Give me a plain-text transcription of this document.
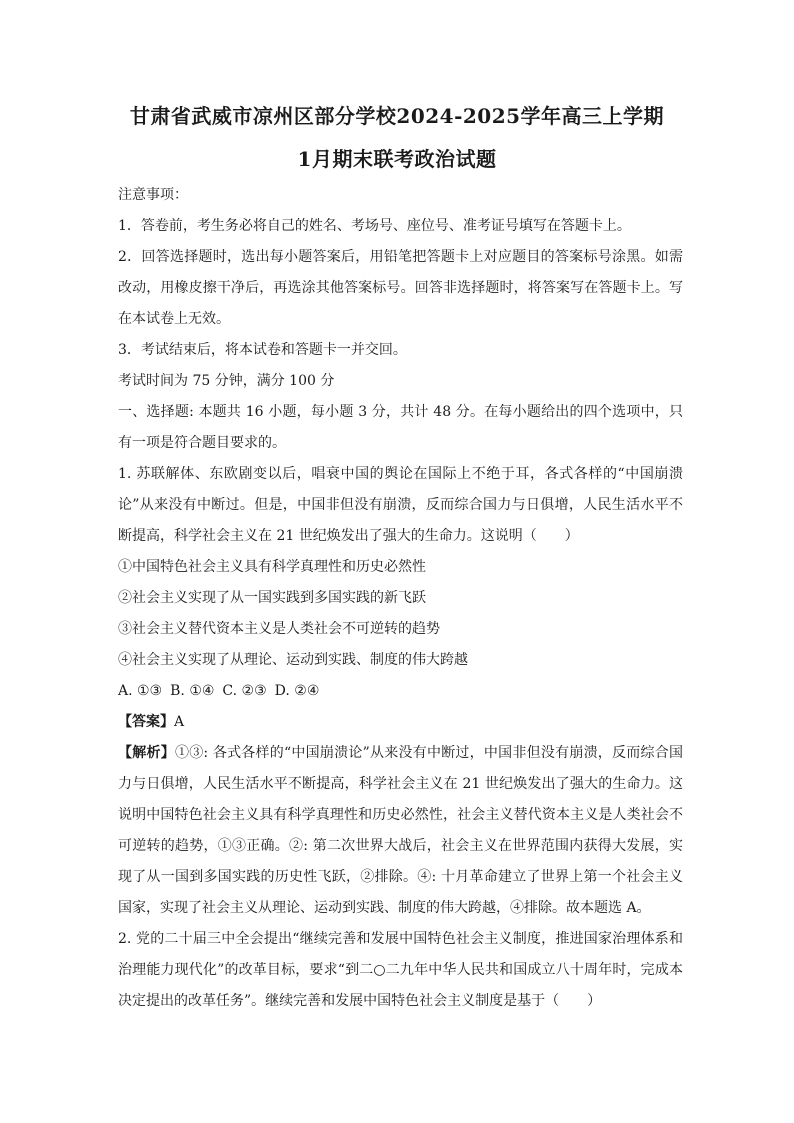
甘肃省武威市凉州区部分学校2024-2025学年高三上学期
1月期末联考政治试题

注意事项：

1．答卷前，考生务必将自己的姓名、考场号、座位号、准考证号填写在答题卡上。

2．回答选择题时，选出每小题答案后，用铅笔把答题卡上对应题目的答案标号涂黑。如需改动，用橡皮擦干净后，再选涂其他答案标号。回答非选择题时，将答案写在答题卡上。写在本试卷上无效。

3．考试结束后，将本试卷和答题卡一并交回。

考试时间为 75 分钟，满分 100 分

一、选择题: 本题共 16 小题，每小题 3 分，共计 48 分。在每小题给出的四个选项中，只有一项是符合题目要求的。

1. 苏联解体、东欧剧变以后，唱衰中国的舆论在国际上不绝于耳，各式各样的“中国崩溃论”从来没有中断过。但是，中国非但没有崩溃，反而综合国力与日俱增，人民生活水平不断提高，科学社会主义在 21 世纪焕发出了强大的生命力。这说明（　　）

①中国特色社会主义具有科学真理性和历史必然性

②社会主义实现了从一国实践到多国实践的新飞跃

③社会主义替代资本主义是人类社会不可逆转的趋势

④社会主义实现了从理论、运动到实践、制度的伟大跨越

A. ①③ B. ①④ C. ②③ D. ②④

【答案】A

【解析】①③: 各式各样的“中国崩溃论”从来没有中断过，中国非但没有崩溃，反而综合国力与日俱增，人民生活水平不断提高，科学社会主义在 21 世纪焕发出了强大的生命力。这说明中国特色社会主义具有科学真理性和历史必然性，社会主义替代资本主义是人类社会不可逆转的趋势，①③正确。②: 第二次世界大战后，社会主义在世界范围内获得大发展，实现了从一国到多国实践的历史性飞跃，②排除。④: 十月革命建立了世界上第一个社会主义国家，实现了社会主义从理论、运动到实践、制度的伟大跨越，④排除。故本题选 A。

2. 党的二十届三中全会提出“继续完善和发展中国特色社会主义制度，推进国家治理体系和治理能力现代化”的改革目标，要求“到二○二九年中华人民共和国成立八十周年时，完成本决定提出的改革任务”。继续完善和发展中国特色社会主义制度是基于（　　）
